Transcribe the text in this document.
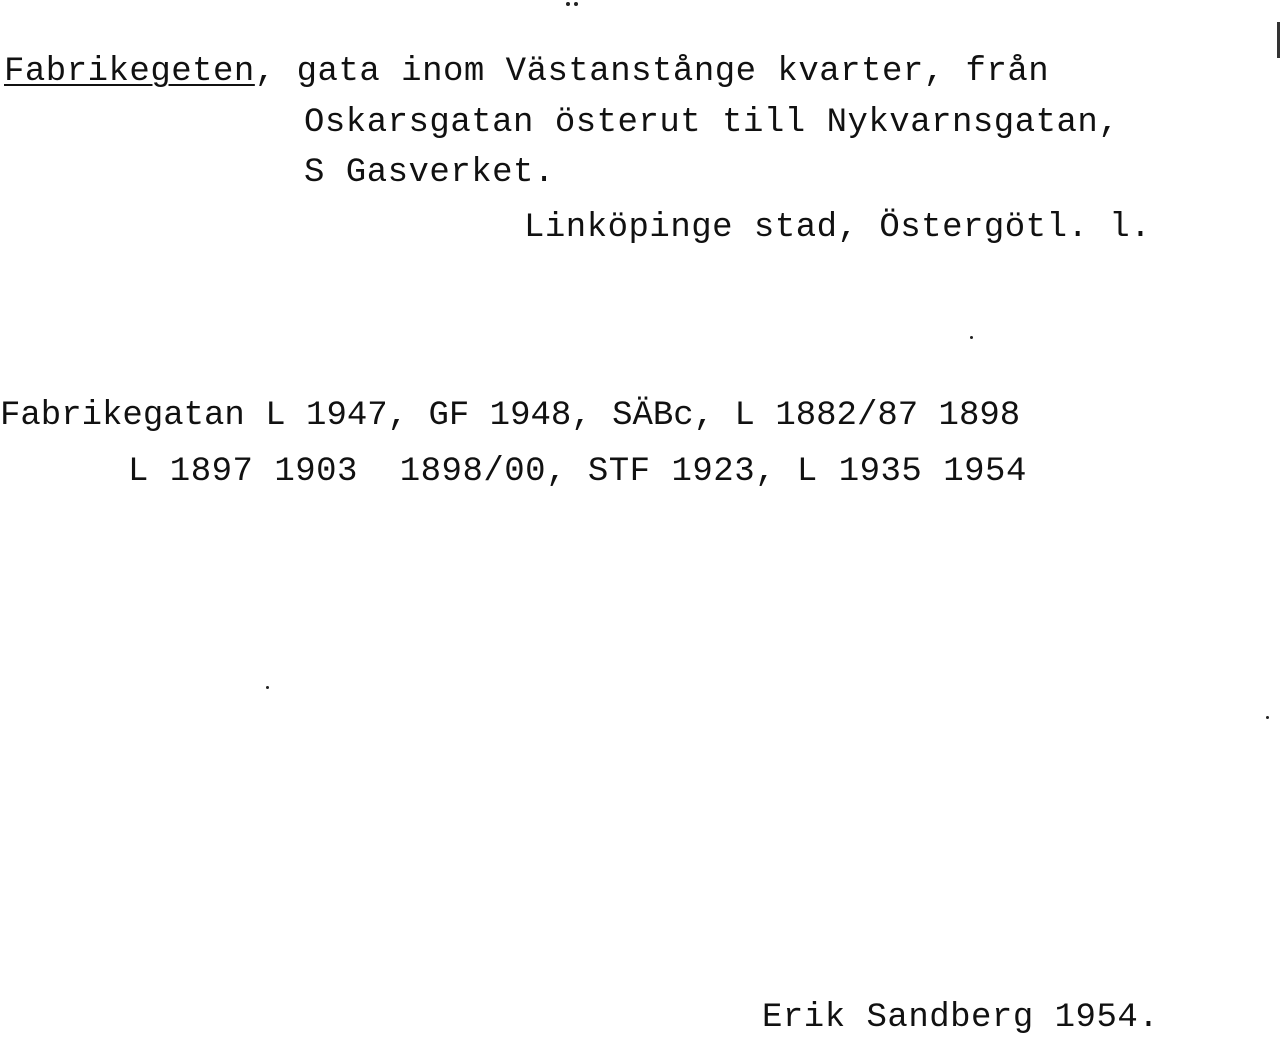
Fabrikegeten, gata inom Västanstånge kvarter, från
Oskarsgatan österut till Nykvarnsgatan,
S Gasverket.
Linköpinge stad, Östergötl. l.
Fabrikegatan L 1947, GF 1948, SÄBc, L 1882/87 1898
L 1897 1903  1898/00, STF 1923, L 1935 1954
Erik Sandberg 1954.
